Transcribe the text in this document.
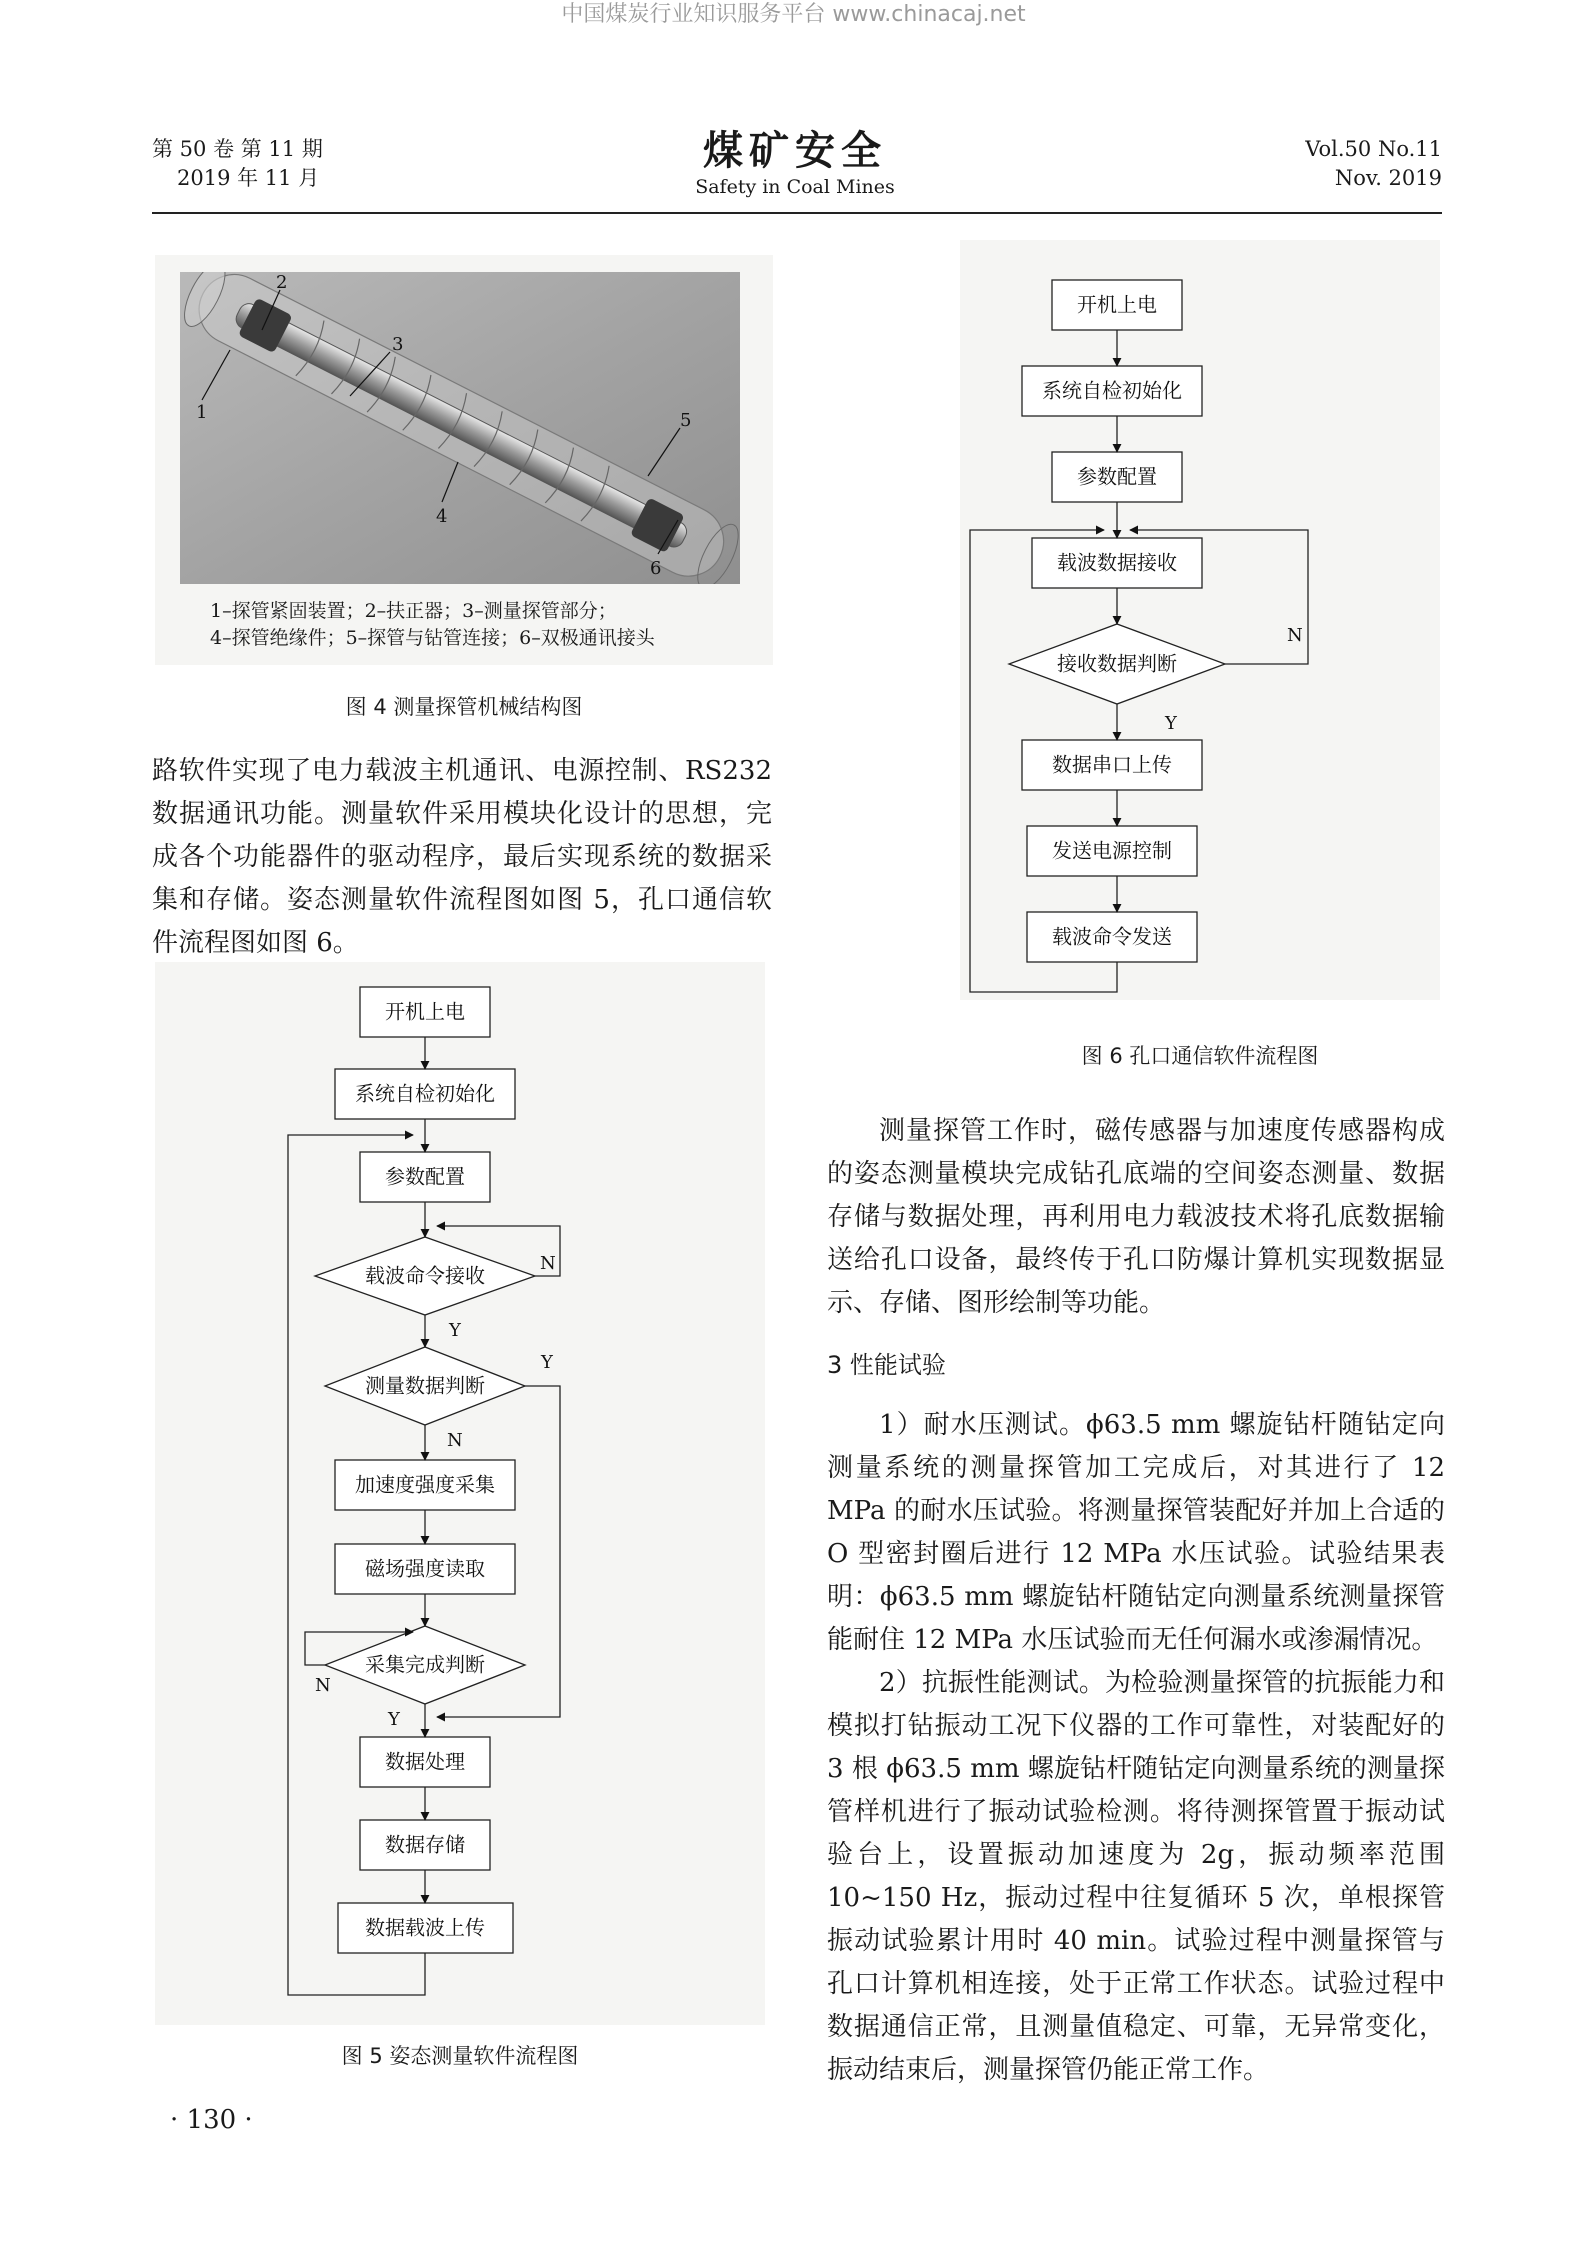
中国煤炭行业知识服务平台 www.chinacaj.net
第 50 卷 第 11 期
2019 年 11 月
煤矿安全
Safety in Coal Mines
Vol.50 No.11
Nov. 2019
1
2
3
4
5
6
1–探管紧固装置；2–扶正器；3–测量探管部分；
4–探管绝缘件；5–探管与钻管连接；6–双极通讯接头
图 4 测量探管机械结构图
路软件实现了电力载波主机通讯、电源控制、RS232数据通讯功能。测量软件采用模块化设计的思想，完成各个功能器件的驱动程序，最后实现系统的数据采集和存储。姿态测量软件流程图如图 5，孔口通信软件流程图如图 6。
开机上电
系统自检初始化
参数配置
载波命令接收
测量数据判断
加速度强度采集
磁场强度读取
采集完成判断
数据处理
数据存储
数据载波上传
N
Y
Y
N
N
Y
图 5 姿态测量软件流程图
开机上电
系统自检初始化
参数配置
载波数据接收
接收数据判断
数据串口上传
发送电源控制
载波命令发送
N
Y
图 6 孔口通信软件流程图
测量探管工作时，磁传感器与加速度传感器构成的姿态测量模块完成钻孔底端的空间姿态测量、数据存储与数据处理，再利用电力载波技术将孔底数据输送给孔口设备，最终传于孔口防爆计算机实现数据显示、存储、图形绘制等功能。
3 性能试验
1）耐水压测试。ϕ63.5 mm 螺旋钻杆随钻定向测量系统的测量探管加工完成后，对其进行了 12 MPa 的耐水压试验。将测量探管装配好并加上合适的 O 型密封圈后进行 12 MPa 水压试验。试验结果表明：ϕ63.5 mm 螺旋钻杆随钻定向测量系统测量探管能耐住 12 MPa 水压试验而无任何漏水或渗漏情况。
2）抗振性能测试。为检验测量探管的抗振能力和模拟打钻振动工况下仪器的工作可靠性，对装配好的 3 根 ϕ63.5 mm 螺旋钻杆随钻定向测量系统的测量探管样机进行了振动试验检测。将待测探管置于振动试验台上，设置振动加速度为 2g，振动频率范围 10~150 Hz，振动过程中往复循环 5 次，单根探管振动试验累计用时 40 min。试验过程中测量探管与孔口计算机相连接，处于正常工作状态。试验过程中数据通信正常，且测量值稳定、可靠，无异常变化，振动结束后，测量探管仍能正常工作。
· 130 ·
